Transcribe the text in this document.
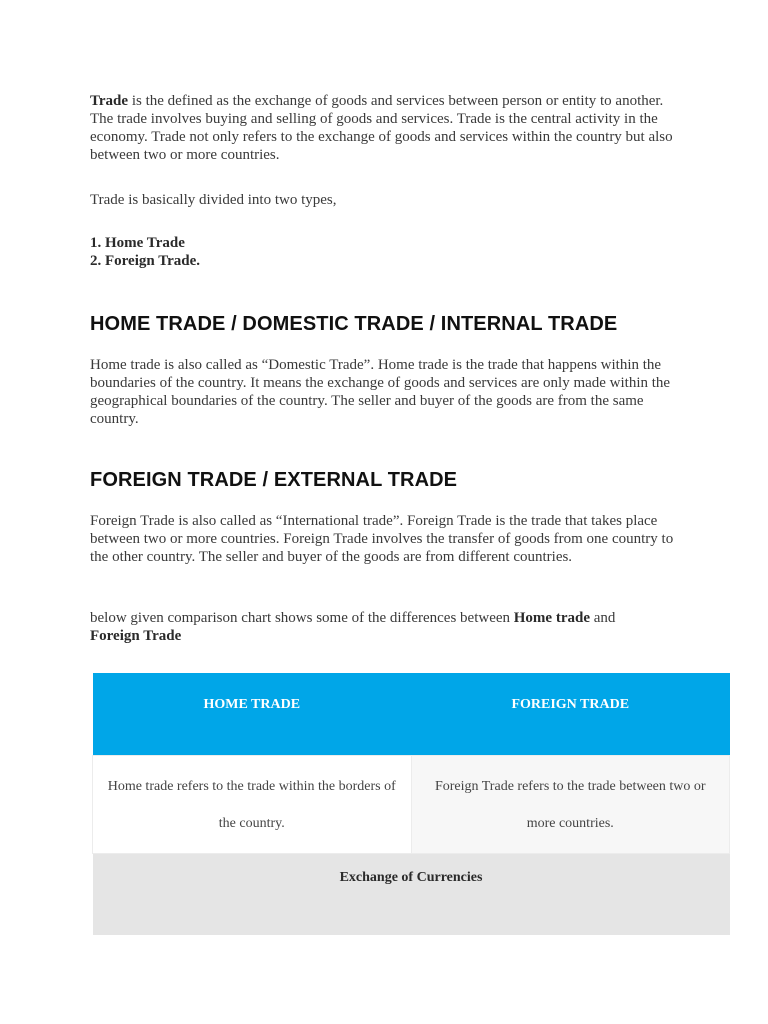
Trade is the defined as the exchange of goods and services between person or entity to another. The trade involves buying and selling of goods and services. Trade is the central activity in the economy. Trade not only refers to the exchange of goods and services within the country but also between two or more countries.

Trade is basically divided into two types,

1. Home Trade
2. Foreign Trade.
HOME TRADE / DOMESTIC TRADE / INTERNAL TRADE

Home trade is also called as “Domestic Trade”. Home trade is the trade that happens within the boundaries of the country. It means the exchange of goods and services are only made within the geographical boundaries of the country. The seller and buyer of the goods are from the same country.

FOREIGN TRADE / EXTERNAL TRADE

Foreign Trade is also called as “International trade”. Foreign Trade is the trade that takes place between two or more countries. Foreign Trade involves the transfer of goods from one country to the other country. The seller and buyer of the goods are from different countries.

below given comparison chart shows some of the differences between Home trade and Foreign Trade

HOME TRADE	FOREIGN TRADE
Home trade refers to the trade within the borders of the country.	Foreign Trade refers to the trade between two or more countries.
Exchange of Currencies	
